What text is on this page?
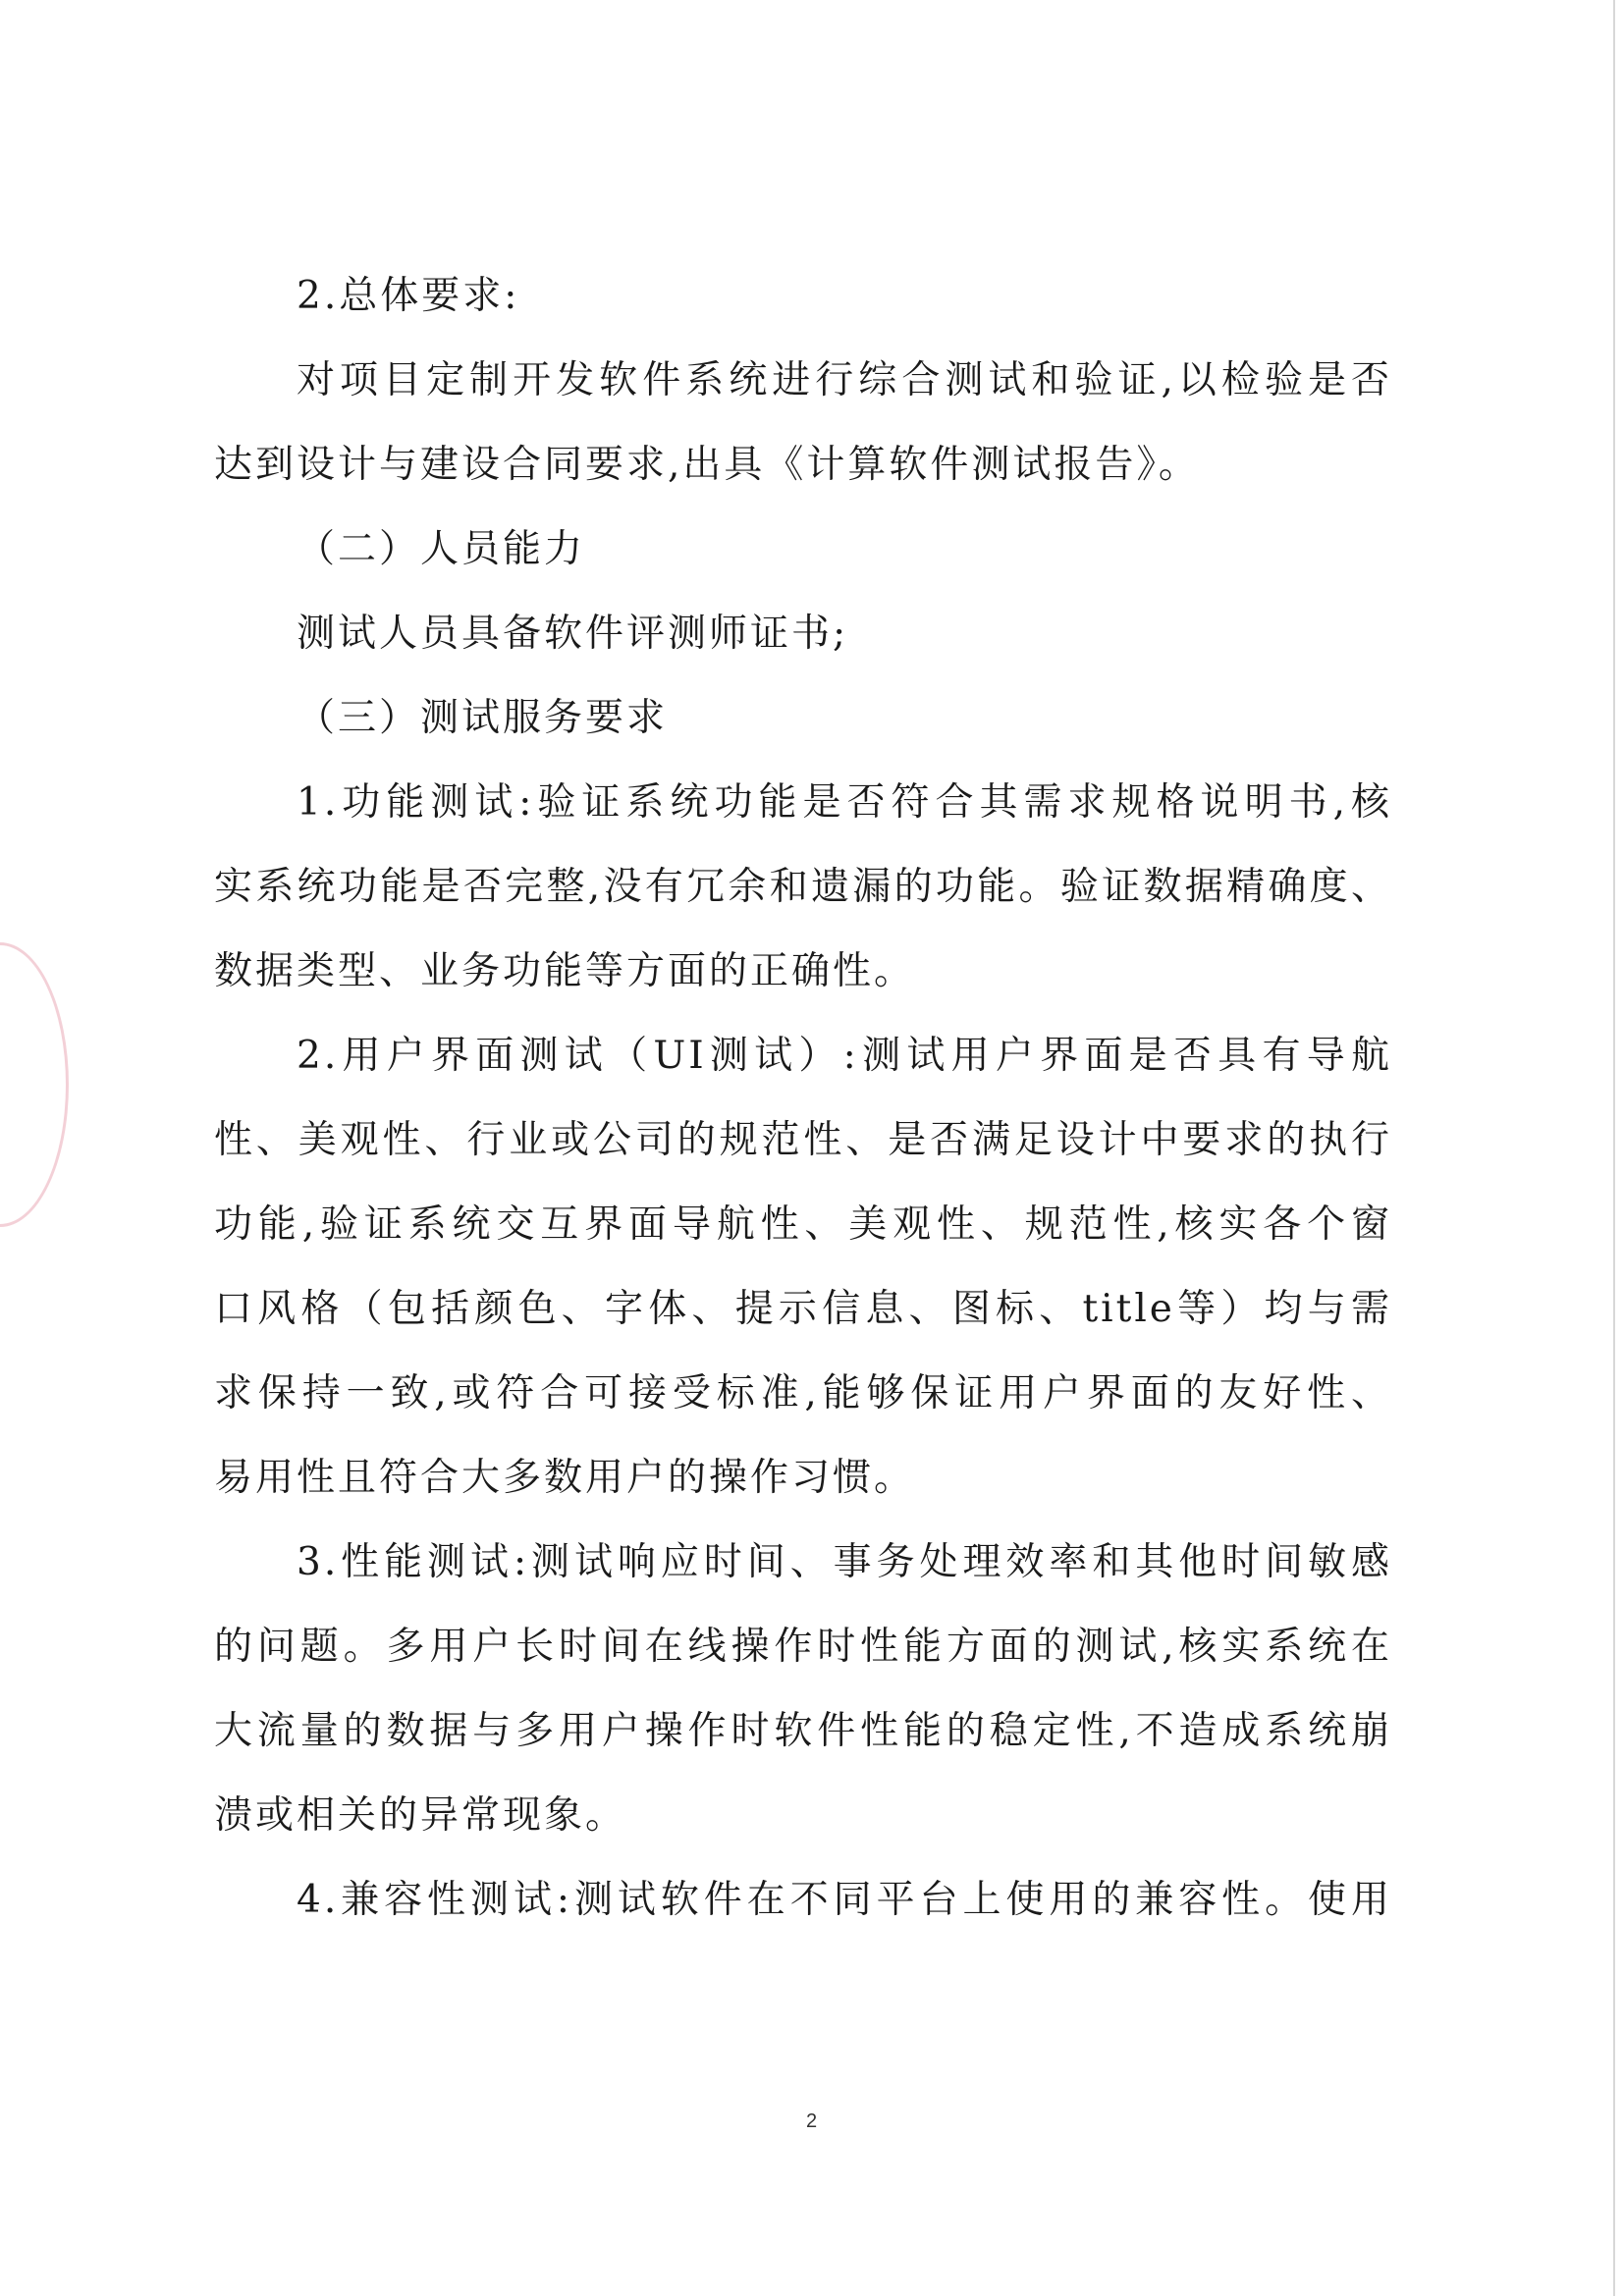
2.总体要求:
对项目定制开发软件系统进行综合测试和验证,以检验是否
达到设计与建设合同要求,出具《计算软件测试报告》。
（二）人员能力
测试人员具备软件评测师证书;
（三）测试服务要求
1.功能测试:验证系统功能是否符合其需求规格说明书,核
实系统功能是否完整,没有冗余和遗漏的功能。验证数据精确度、
数据类型、业务功能等方面的正确性。
2.用户界面测试（UI测试）:测试用户界面是否具有导航
性、美观性、行业或公司的规范性、是否满足设计中要求的执行
功能,验证系统交互界面导航性、美观性、规范性,核实各个窗
口风格（包括颜色、字体、提示信息、图标、title等）均与需
求保持一致,或符合可接受标准,能够保证用户界面的友好性、
易用性且符合大多数用户的操作习惯。
3.性能测试:测试响应时间、事务处理效率和其他时间敏感
的问题。多用户长时间在线操作时性能方面的测试,核实系统在
大流量的数据与多用户操作时软件性能的稳定性,不造成系统崩
溃或相关的异常现象。
4.兼容性测试:测试软件在不同平台上使用的兼容性。使用
2
